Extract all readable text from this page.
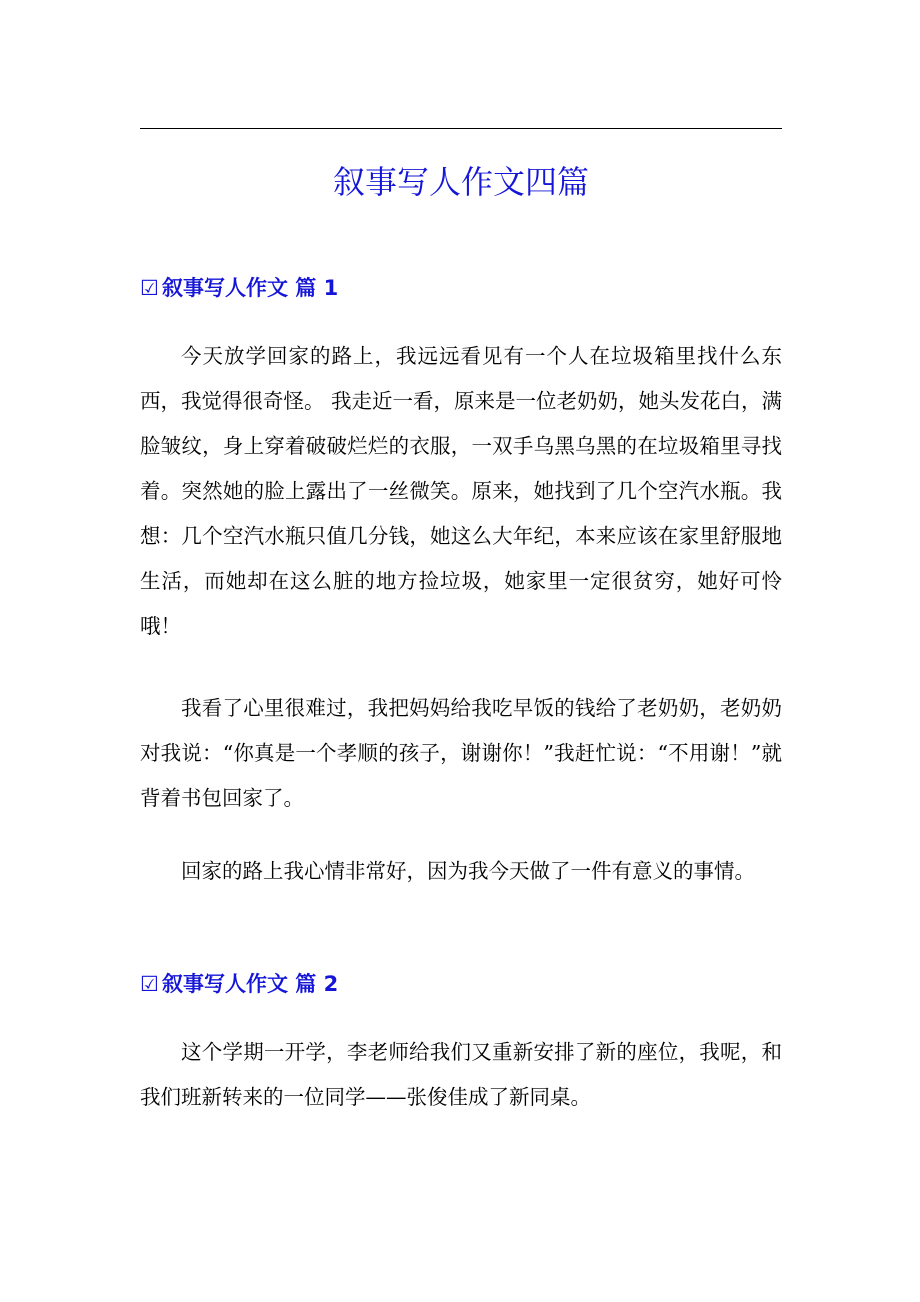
叙事写人作文四篇
☑ 叙事写人作文 篇 1

今天放学回家的路上，我远远看见有一个人在垃圾箱里找什么东西，我觉得很奇怪。 我走近一看，原来是一位老奶奶，她头发花白，满脸皱纹，身上穿着破破烂烂的衣服，一双手乌黑乌黑的在垃圾箱里寻找着。突然她的脸上露出了一丝微笑。原来，她找到了几个空汽水瓶。我想：几个空汽水瓶只值几分钱，她这么大年纪，本来应该在家里舒服地生活，而她却在这么脏的地方捡垃圾，她家里一定很贫穷，她好可怜哦！

我看了心里很难过，我把妈妈给我吃早饭的钱给了老奶奶，老奶奶对我说：“你真是一个孝顺的孩子，谢谢你！”我赶忙说：“不用谢！”就背着书包回家了。

回家的路上我心情非常好，因为我今天做了一件有意义的事情。

☑ 叙事写人作文 篇 2

这个学期一开学，李老师给我们又重新安排了新的座位，我呢，和我们班新转来的一位同学——张俊佳成了新同桌。
